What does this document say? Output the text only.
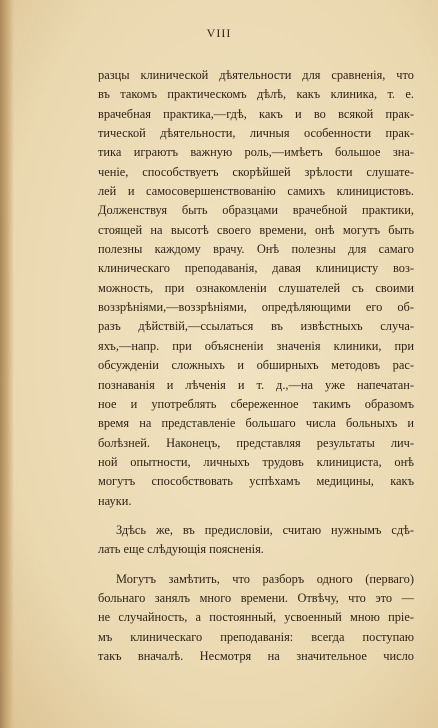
VIII
разцы клинической дѣятельности для сравненія, что
въ такомъ практическомъ дѣлѣ, какъ клиника, т. е.
врачебная практика,—гдѣ, какъ и во всякой прак-
тической дѣятельности, личныя особенности прак-
тика играютъ важную роль,—имѣетъ большое зна-
ченіе, способствуетъ скорѣйшей зрѣлости слушате-
лей и самосовершенствованію самихъ клиницистовъ.
Долженствуя быть образцами врачебной практики,
стоящей на высотѣ своего времени, онѣ могутъ быть
полезны каждому врачу. Онѣ полезны для самаго
клиническаго преподаванія, давая клиницисту воз-
можность, при ознакомленіи слушателей съ своими
воззрѣніями,—воззрѣніями, опредѣляющими его об-
разъ дѣйствій,—ссылаться въ извѣстныхъ случа-
яхъ,—напр. при объясненіи значенія клиники, при
обсужденіи сложныхъ и обширныхъ методовъ рас-
познаванія и лѣченія и т. д.,—на уже напечатан-
ное и употреблять сбереженное такимъ образомъ
время на представленіе большаго числа больныхъ и
болѣзней. Наконецъ, представляя результаты лич-
ной опытности, личныхъ трудовъ клинициста, онѣ
могутъ способствовать успѣхамъ медицины, какъ
науки.
Здѣсь же, въ предисловіи, считаю нужнымъ сдѣ-
лать еще слѣдующія поясненія.
Могутъ замѣтить, что разборъ одного (перваго)
больнаго занялъ много времени. Отвѣчу, что это —
не случайность, а постоянный, усвоенный мною пріе-
мъ клиническаго преподаванія: всегда поступаю
такъ вначалѣ. Несмотря на значительное число
